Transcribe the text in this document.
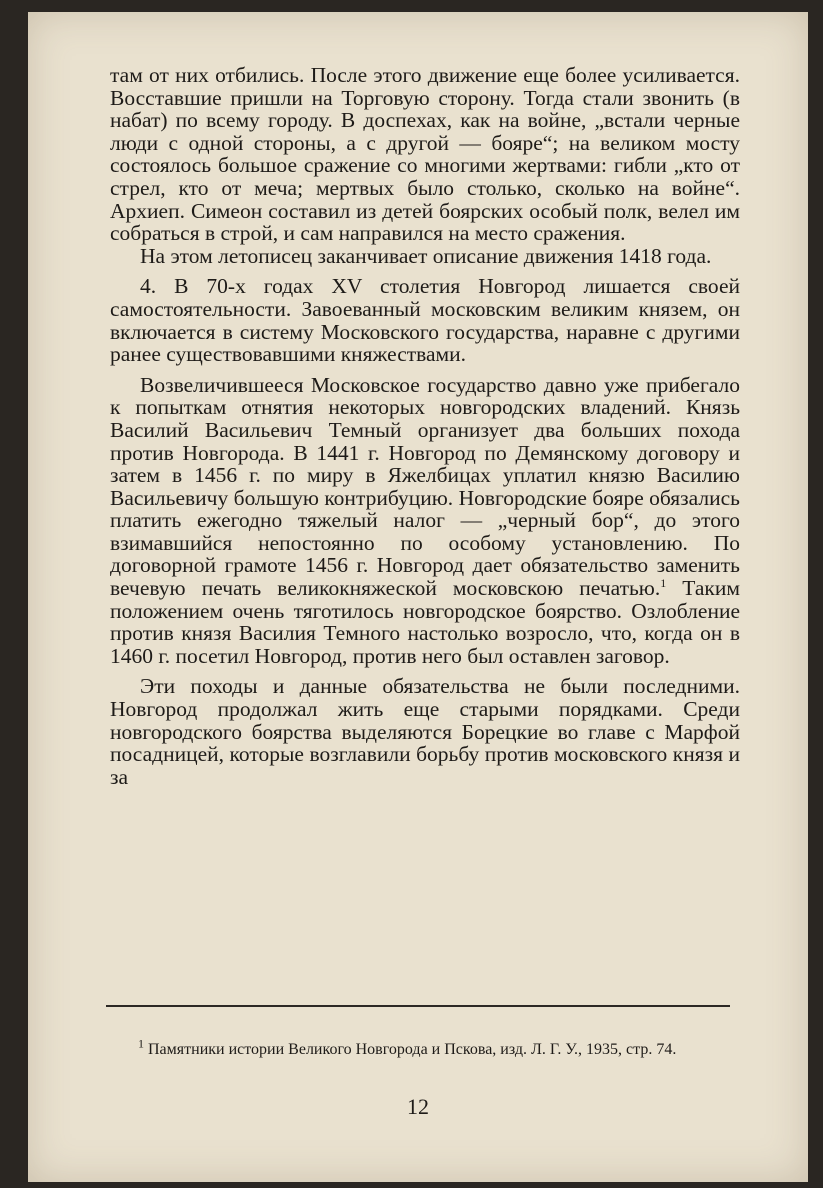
там от них отбились. После этого движение еще более усиливается. Восставшие пришли на Торговую сторону. Тогда стали звонить (в набат) по всему городу. В доспехах, как на войне, „встали черные люди с одной стороны, а с другой — бояре“; на великом мосту состоялось большое сражение со многими жертвами: гибли „кто от стрел, кто от меча; мертвых было столько, сколько на войне“. Архиеп. Симеон составил из детей боярских особый полк, велел им собраться в строй, и сам направился на место сражения.

На этом летописец заканчивает описание движения 1418 года.

4. В 70-х годах XV столетия Новгород лишается своей самостоятельности. Завоеванный московским великим князем, он включается в систему Московского государства, наравне с другими ранее существовавшими княжествами.

Возвеличившееся Московское государство давно уже прибегало к попыткам отнятия некоторых новгородских владений. Князь Василий Васильевич Темный организует два больших похода против Новгорода. В 1441 г. Новгород по Демянскому договору и затем в 1456 г. по миру в Яжелбицах уплатил князю Василию Васильевичу большую контрибуцию. Новгородские бояре обязались платить ежегодно тяжелый налог — „черный бор“, до этого взимавшийся непостоянно по особому установлению. По договорной грамоте 1456 г. Новгород дает обязательство заменить вечевую печать великокняжеской московскою печатью.$^1$ Таким положением очень тяготилось новгородское боярство. Озлобление против князя Василия Темного настолько возросло, что, когда он в 1460 г. посетил Новгород, против него был оставлен заговор.

Эти походы и данные обязательства не были последними. Новгород продолжал жить еще старыми порядками. Среди новгородского боярства выделяются Борецкие во главе с Марфой посадницей, которые возглавили борьбу против московского князя и за

$^1$ Памятники истории Великого Новгорода и Пскова, изд. Л. Г. У., 1935, стр. 74.
12
